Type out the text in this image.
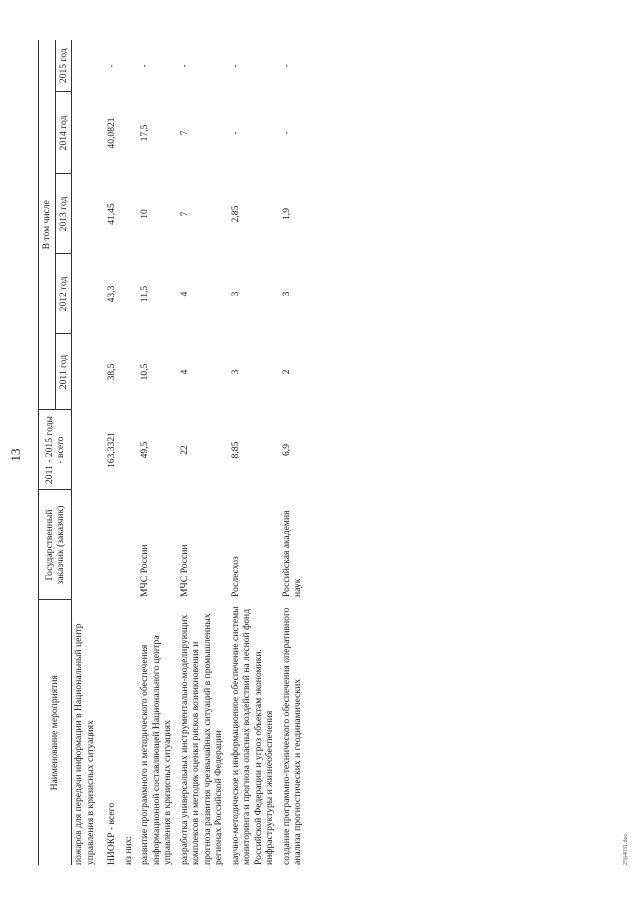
13
Наименование мероприятия	Государственный заказчик (заказчик)	2011 - 2015 годы - всего	В том числе				
			2011 год	2012 год	2013 год	2014 год	2015 год
пожаров для передачи информации в Национальный центр управления в кризисных ситуациях							
НИОКР - всего		163,3321	38,5	43,3	41,45	40,0821	-
из них:							
развитие программного и методического обеспечения информационной составляющей Национального центра управления в кризисных ситуациях	МЧС России	49,5	10,5	11,5	10	17,5	-
разработка универсальных инструментально-моделирующих комплексов и методик оценки рисков возникновения и прогноза развития чрезвычайных ситуаций в промышленных регионах Российской Федерации	МЧС России	22	4	4	7	7	-
научно-методическое и информационное обеспечение системы мониторинга и прогноза опасных воздействий на лесной фонд Российской Федерации и угроз объектам экономики, инфраструктуры и жизнеобеспечения	Рослесхоз	8,85	3	3	2,85	-	-
создание программно-технического обеспечения оперативного анализа прогностических и геодинамических	Российская академия наук	6,9	2	3	1,9	-	-
2564031.doc
